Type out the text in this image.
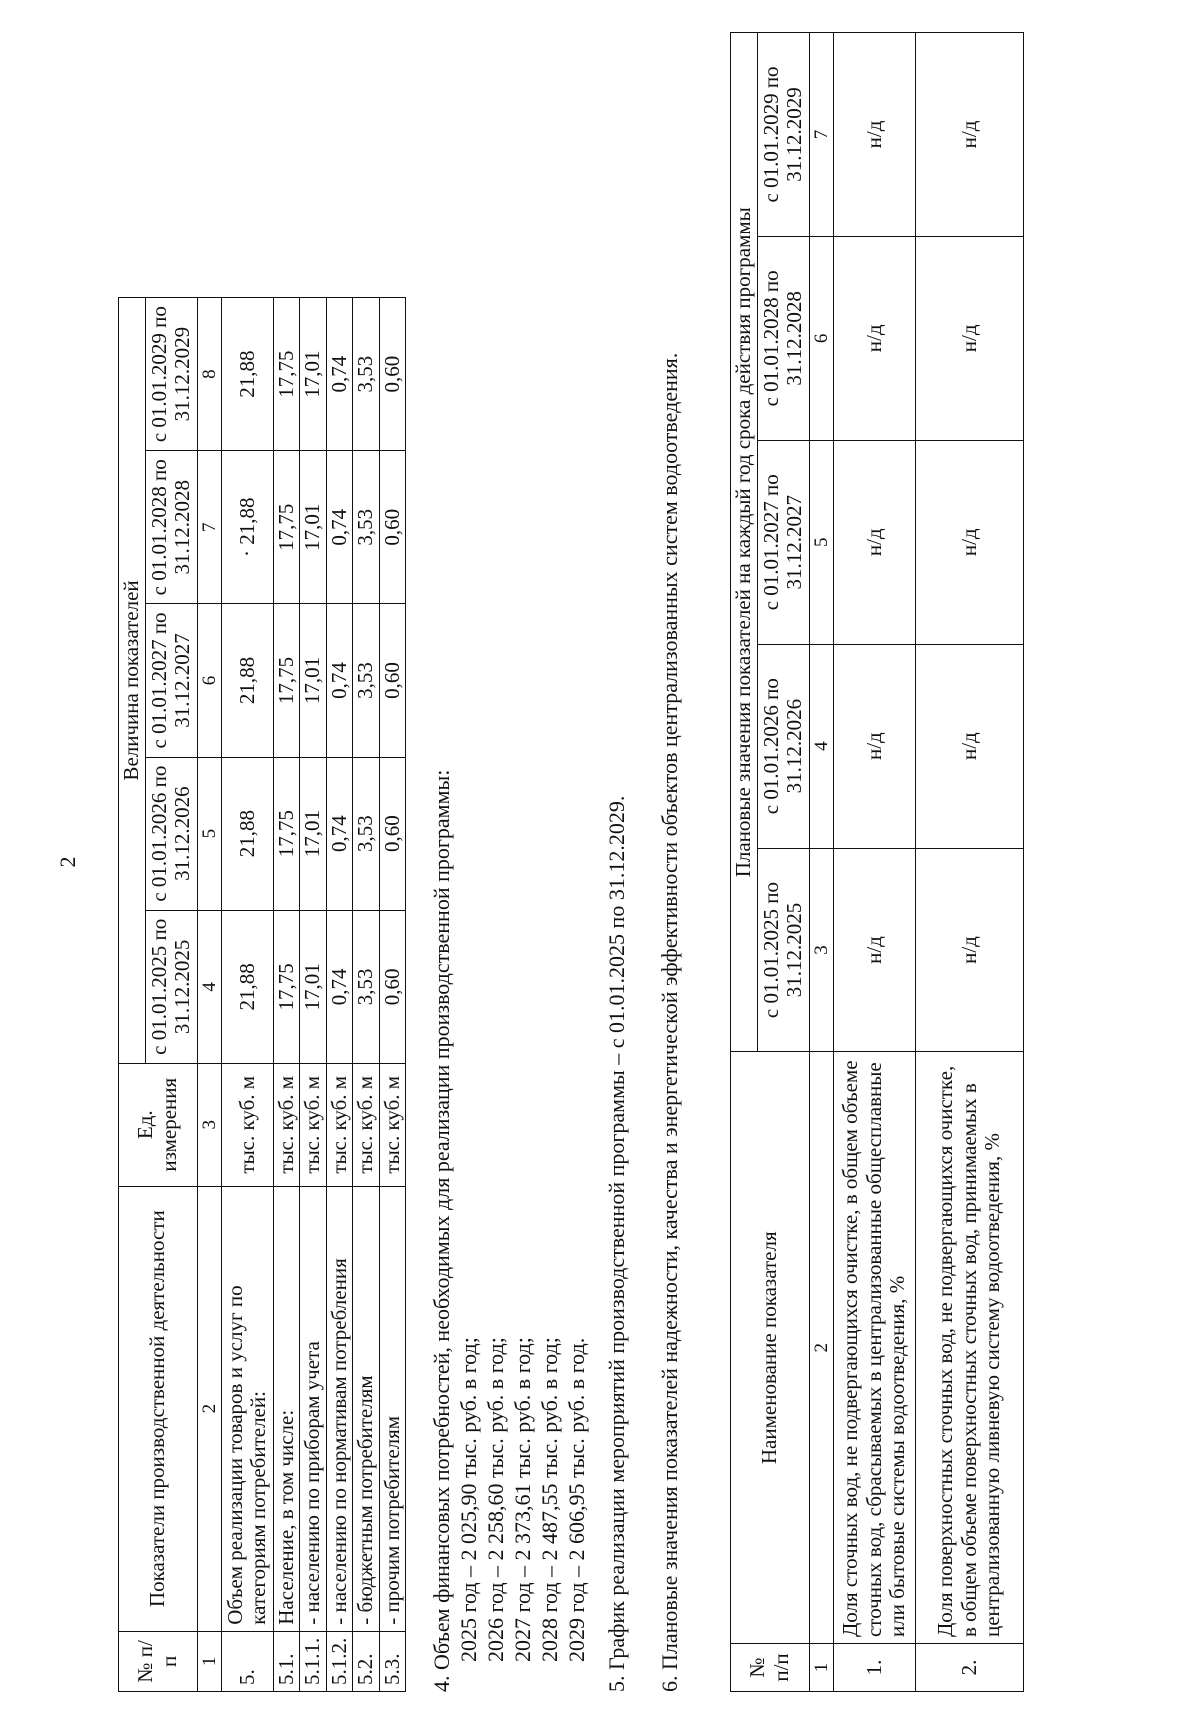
2
№ п/п	Показатели производственной деятельности	Ед. измерения	Величина показателей				
			с 01.01.2025 по 31.12.2025	с 01.01.2026 по 31.12.2026	с 01.01.2027 по 31.12.2027	с 01.01.2028 по 31.12.2028	с 01.01.2029 по 31.12.2029
1	2	3	4	5	6	7	8
5.	Объем реализации товаров и услуг по категориям потребителей:	тыс. куб. м	21,88	21,88	21,88	· 21,88	21,88
5.1.	Население, в том числе:	тыс. куб. м	17,75	17,75	17,75	17,75	17,75
5.1.1.	- населению по приборам учета	тыс. куб. м	17,01	17,01	17,01	17,01	17,01
5.1.2.	- населению по нормативам потребления	тыс. куб. м	0,74	0,74	0,74	0,74	0,74
5.2.	- бюджетным потребителям	тыс. куб. м	3,53	3,53	3,53	3,53	3,53
5.3.	- прочим потребителям	тыс. куб. м	0,60	0,60	0,60	0,60	0,60
4. Объем финансовых потребностей, необходимых для реализации производственной программы: 2025 год – 2 025,90 тыс. руб. в год; 2026 год – 2 258,60 тыс. руб. в год; 2027 год – 2 373,61 тыс. руб. в год; 2028 год – 2 487,55 тыс. руб. в год; 2029 год – 2 606,95 тыс. руб. в год. 5. График реализации мероприятий производственной программы – с 01.01.2025 по 31.12.2029. 6. Плановые значения показателей надежности, качества и энергетической эффективности объектов централизованных систем водоотведения.	№ п/п	Наименование показателя	Плановые значения показателей на каждый год срока действия программы				
		с 01.01.2025 по 31.12.2025	с 01.01.2026 по 31.12.2026	с 01.01.2027 по 31.12.2027	с 01.01.2028 по 31.12.2028	с 01.01.2029 по 31.12.2029
1	2	3	4	5	6	7
1.	Доля сточных вод, не подвергающихся очистке, в общем объеме сточных вод, сбрасываемых в централизованные общесплавные или бытовые системы водоотведения, %	н/д	н/д	н/д	н/д	н/д
2.	Доля поверхностных сточных вод, не подвергающихся очистке, в общем объеме поверхностных сточных вод, принимаемых в централизованную ливневую систему водоотведения, %	н/д	н/д	н/д	н/д	н/д
